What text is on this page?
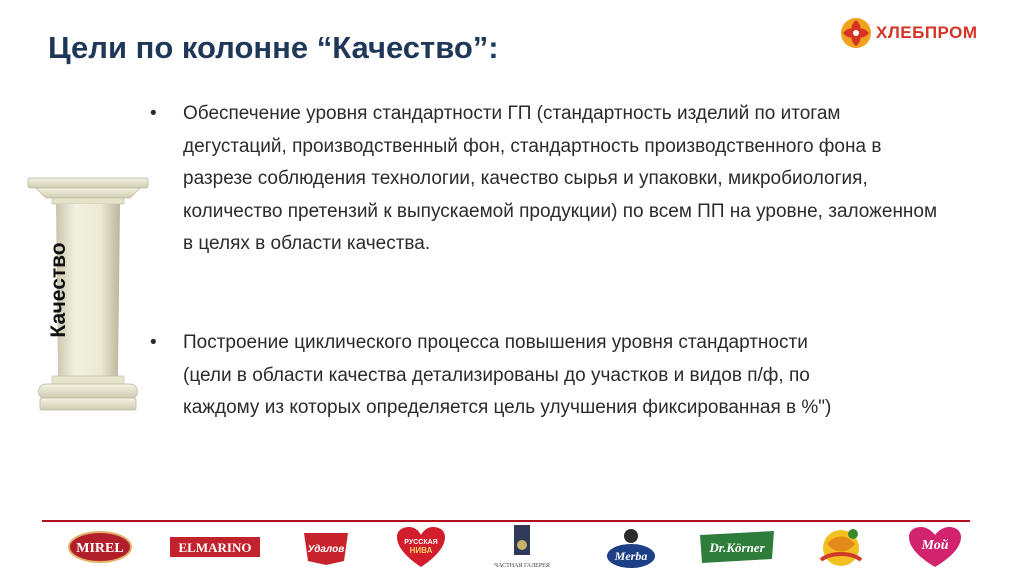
Цели по колонне “Качество”:	ХЛЕБПРОМ
Качество
•	Обеспечение уровня стандартности ГП (стандартность изделий по итогам дегустаций, производственный фон, стандартность производственного фона в разрезе соблюдения технологии, качество сырья и упаковки, микробиология, количество претензий к выпускаемой продукции) по всем ПП на уровне, заложенном в целях в области качества.
•	Построение циклического процесса повышения уровня стандартности (цели в области качества детализированы до участков и видов п/ф, по каждому из которых определяется цель улучшения фиксированная в %")
MIREL	ELMARINO	Удалов
РУССКАЯ
НИВА
ЧАСТНАЯ ГАЛЕРЕЯ
Merba
Dr.Körner	Мой
